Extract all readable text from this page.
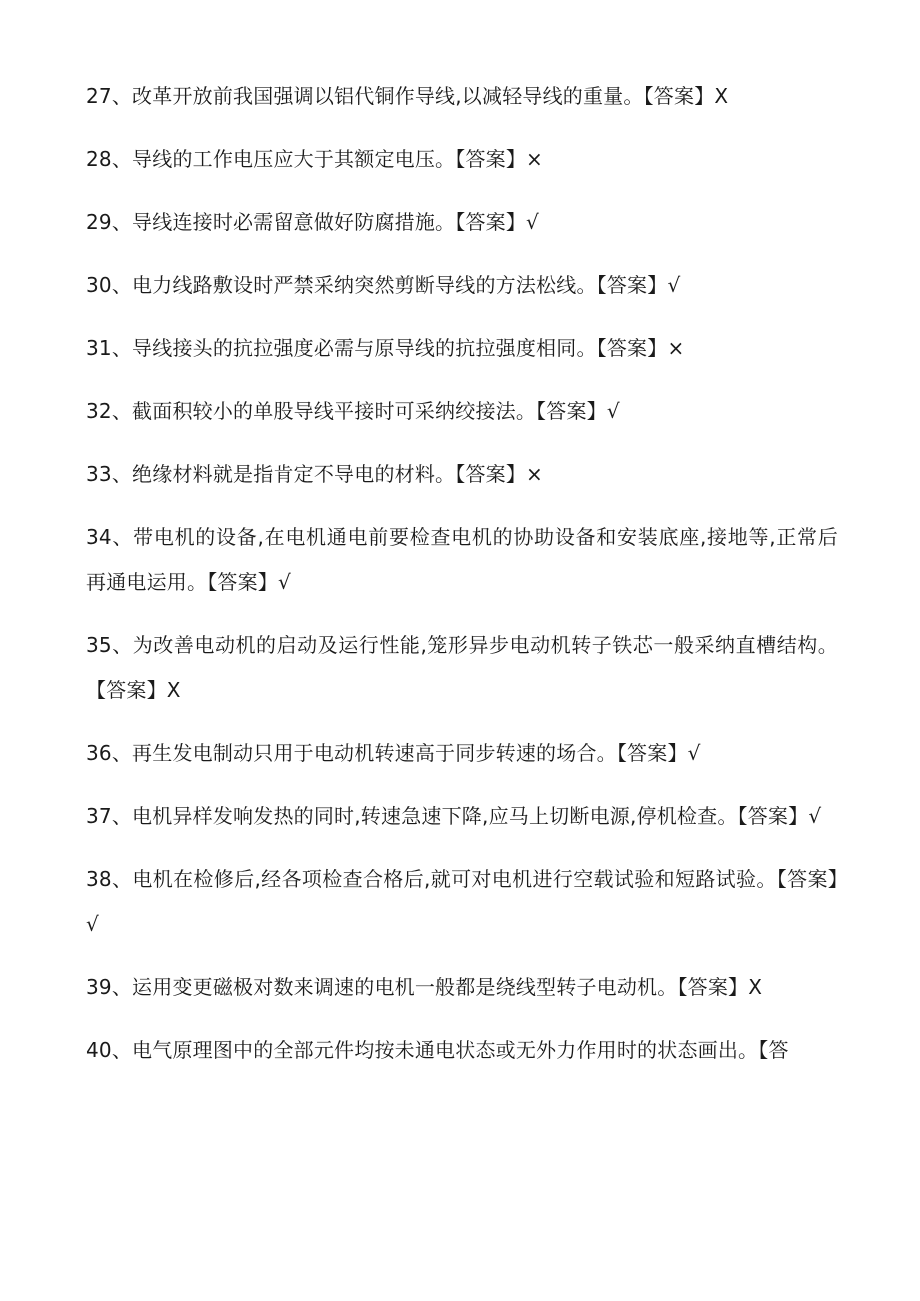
27、改革开放前我国强调以铝代铜作导线,以减轻导线的重量。【答案】X

28、导线的工作电压应大于其额定电压。【答案】×

29、导线连接时必需留意做好防腐措施。【答案】√

30、电力线路敷设时严禁采纳突然剪断导线的方法松线。【答案】√

31、导线接头的抗拉强度必需与原导线的抗拉强度相同。【答案】×

32、截面积较小的单股导线平接时可采纳绞接法。【答案】√

33、绝缘材料就是指肯定不导电的材料。【答案】×

34、带电机的设备,在电机通电前要检查电机的协助设备和安装底座,接地等,正常后再通电运用。【答案】√

35、为改善电动机的启动及运行性能,笼形异步电动机转子铁芯一般采纳直槽结构。【答案】X

36、再生发电制动只用于电动机转速高于同步转速的场合。【答案】√

37、电机异样发响发热的同时,转速急速下降,应马上切断电源,停机检查。【答案】√

38、电机在检修后,经各项检查合格后,就可对电机进行空载试验和短路试验。【答案】√

39、运用变更磁极对数来调速的电机一般都是绕线型转子电动机。【答案】X

40、电气原理图中的全部元件均按未通电状态或无外力作用时的状态画出。【答
